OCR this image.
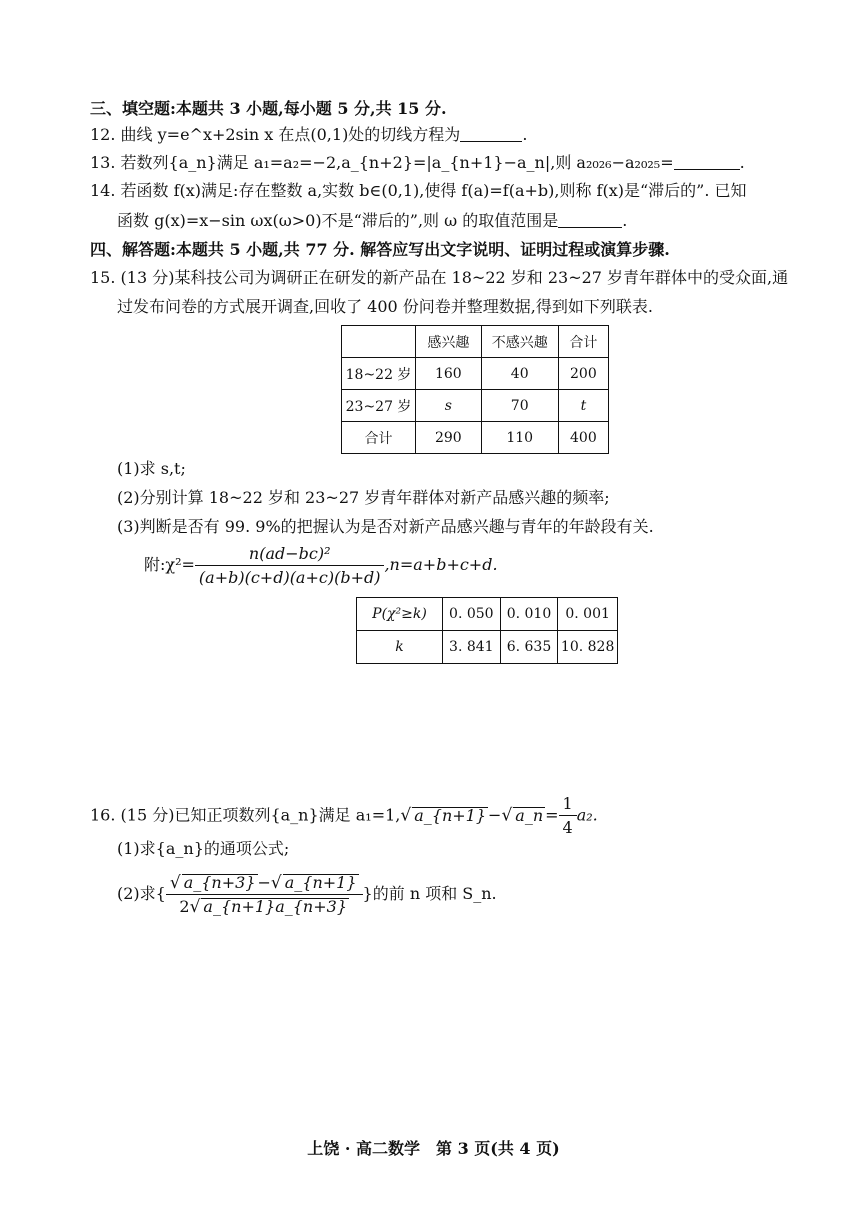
三、填空题:本题共 3 小题,每小题 5 分,共 15 分.
12. 曲线 y=e^x+2sin x 在点(0,1)处的切线方程为	.
13. 若数列{a_n}满足 a₁=a₂=−2,a_{n+2}=|a_{n+1}−a_n|,则 a₂₀₂₆−a₂₀₂₅=	.
14. 若函数 f(x)满足:存在整数 a,实数 b∈(0,1),使得 f(a)=f(a+b),则称 f(x)是“滞后的”. 已知
函数 g(x)=x−sin ωx(ω>0)不是“滞后的”,则 ω 的取值范围是	.
四、解答题:本题共 5 小题,共 77 分. 解答应写出文字说明、证明过程或演算步骤.
15. (13 分)某科技公司为调研正在研发的新产品在 18~22 岁和 23~27 岁青年群体中的受众面,通
过发布问卷的方式展开调查,回收了 400 份问卷并整理数据,得到如下列联表.
	感兴趣	不感兴趣	合计
18~22 岁	160	40	200
23~27 岁	s	70	t
合计	290	110	400
(1)求 s,t;
(2)分别计算 18~22 岁和 23~27 岁青年群体对新产品感兴趣的频率;
(3)判断是否有 99. 9%的把握认为是否对新产品感兴趣与青年的年龄段有关.
附:χ²= $\frac{\text{n(ad−bc)²}}{(a+b)(c+d)(a+c)(b+d)} ,n=a+b+c+d$.
P(χ²≥k)	0. 050	0. 010	0. 001
k	3. 841	6. 635	10. 828
16. (15 分)已知正项数列{a_n}满足 a₁=1,√ a_{n+1} −√ a_n = $\frac{1}{4} a_2$.
(1)求{a_n}的通项公式;
(2)求{ $\frac{√ a\_\{n+3\} -√ a\_\{n+1\}}{2√ a\_\{n+1\}a\_\{n+3\}}$ }的前 n 项和 S_n.
上饶 · 高二数学　第 3 页(共 4 页)
